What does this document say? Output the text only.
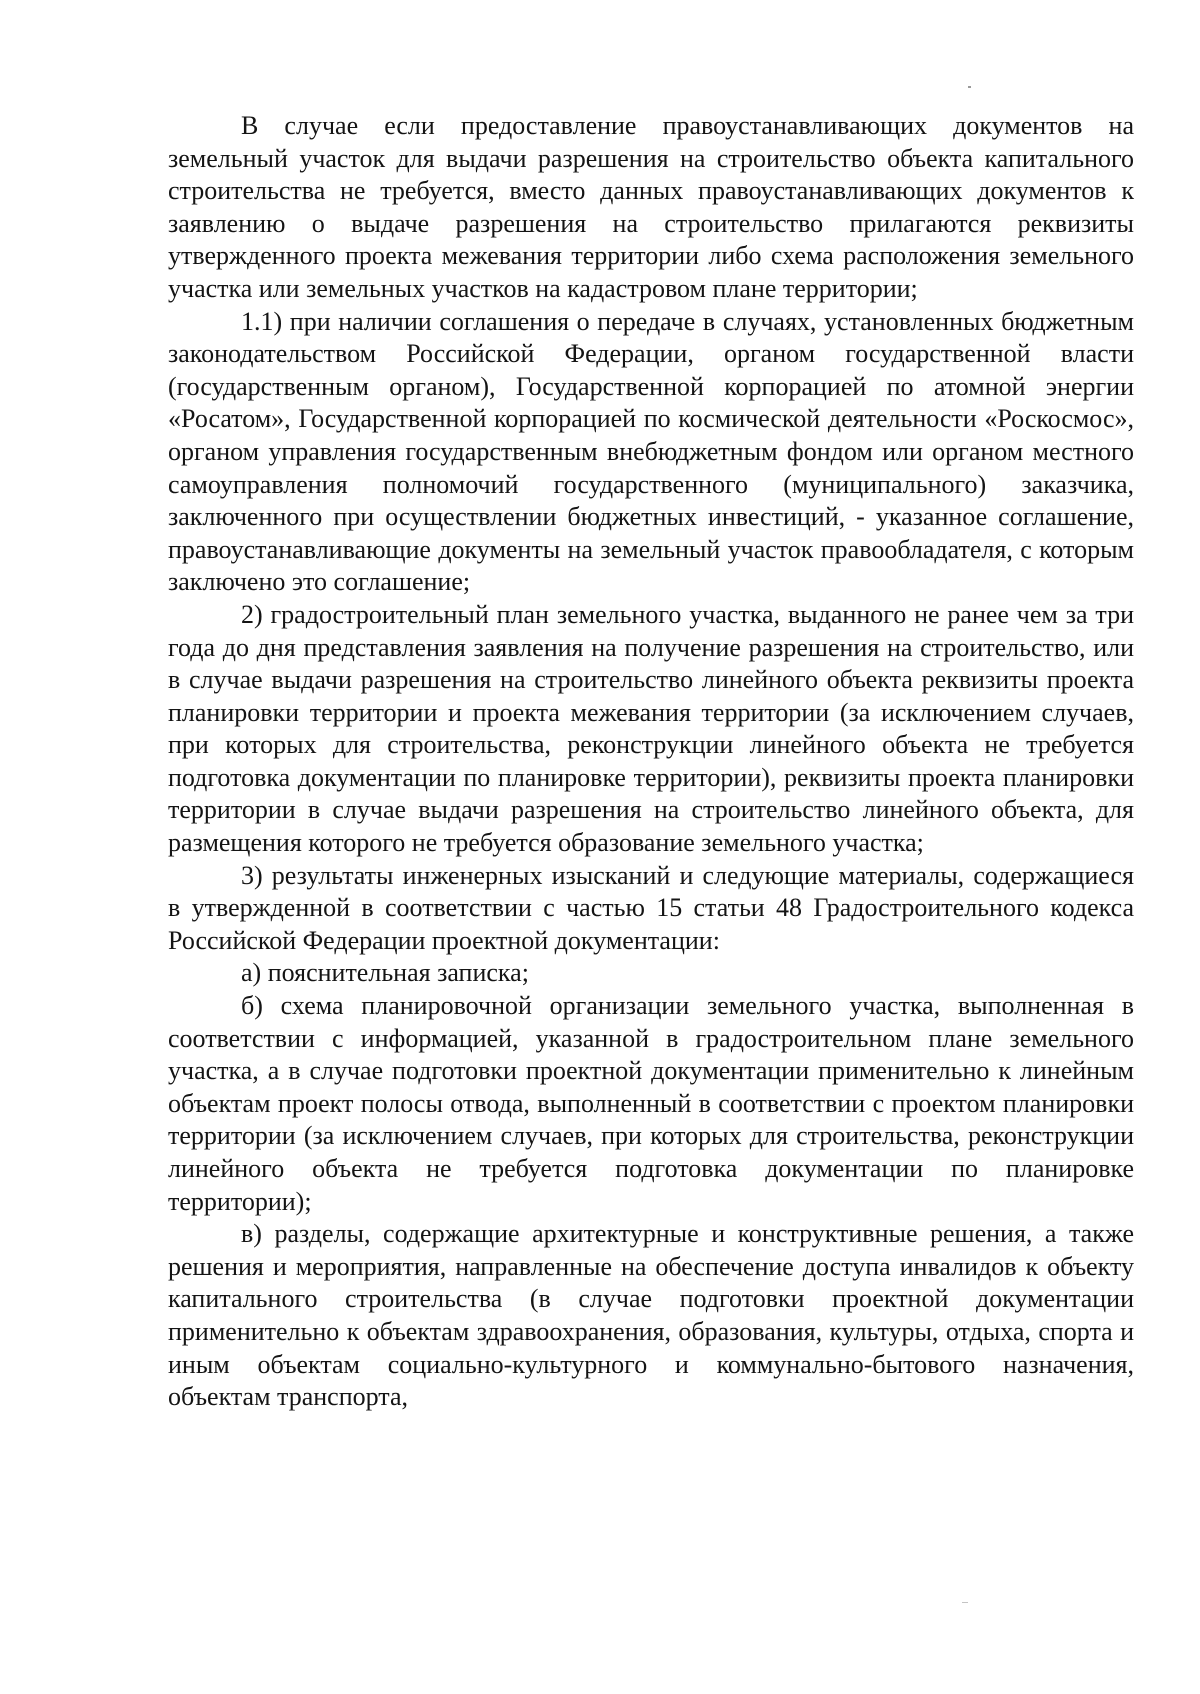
В случае если предоставление правоустанавливающих документов на земельный участок для выдачи разрешения на строительство объекта капитального строительства не требуется, вместо данных правоустанавливающих документов к заявлению о выдаче разрешения на строительство прилагаются реквизиты утвержденного проекта межевания территории либо схема расположения земельного участка или земельных участков на кадастровом плане территории;

1.1) при наличии соглашения о передаче в случаях, установленных бюджетным законодательством Российской Федерации, органом государственной власти (государственным органом), Государственной корпорацией по атомной энергии «Росатом», Государственной корпорацией по космической деятельности «Роскосмос», органом управления государственным внебюджетным фондом или органом местного самоуправления полномочий государственного (муниципального) заказчика, заключенного при осуществлении бюджетных инвестиций, - указанное соглашение, правоустанавливающие документы на земельный участок правообладателя, с которым заключено это соглашение;

2) градостроительный план земельного участка, выданного не ранее чем за три года до дня представления заявления на получение разрешения на строительство, или в случае выдачи разрешения на строительство линейного объекта реквизиты проекта планировки территории и проекта межевания территории (за исключением случаев, при которых для строительства, реконструкции линейного объекта не требуется подготовка документации по планировке территории), реквизиты проекта планировки территории в случае выдачи разрешения на строительство линейного объекта, для размещения которого не требуется образование земельного участка;

3) результаты инженерных изысканий и следующие материалы, содержащиеся в утвержденной в соответствии с частью 15 статьи 48 Градостроительного кодекса Российской Федерации проектной документации:

а) пояснительная записка;

б) схема планировочной организации земельного участка, выполненная в соответствии с информацией, указанной в градостроительном плане земельного участка, а в случае подготовки проектной документации применительно к линейным объектам проект полосы отвода, выполненный в соответствии с проектом планировки территории (за исключением случаев, при которых для строительства, реконструкции линейного объекта не требуется подготовка документации по планировке территории);

в) разделы, содержащие архитектурные и конструктивные решения, а также решения и мероприятия, направленные на обеспечение доступа инвалидов к объекту капитального строительства (в случае подготовки проектной документации применительно к объектам здравоохранения, образования, культуры, отдыха, спорта и иным объектам социально-культурного и коммунально-бытового назначения, объектам транспорта,
